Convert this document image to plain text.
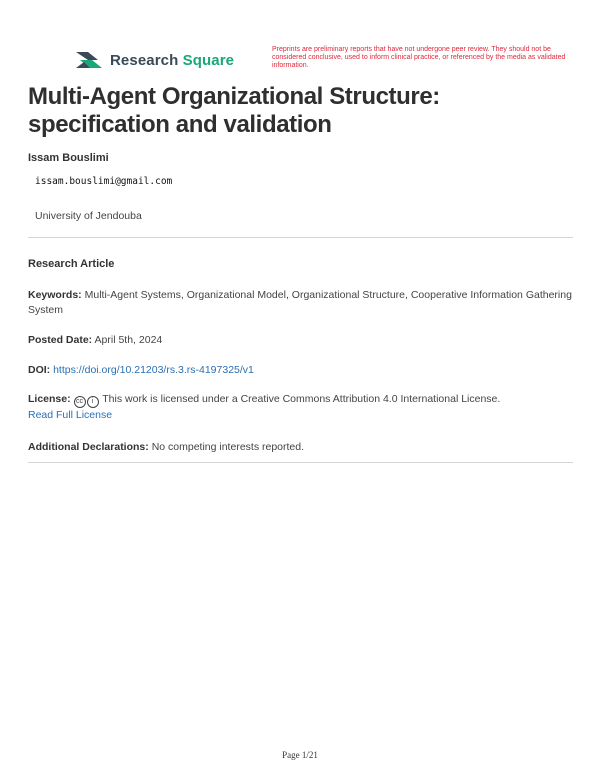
Research Square
Preprints are preliminary reports that have not undergone peer review. They should not be considered conclusive, used to inform clinical practice, or referenced by the media as validated information.
Multi-Agent Organizational Structure: specification and validation
Issam Bouslimi
issam.bouslimi@gmail.com
University of Jendouba
Research Article
Keywords: Multi-Agent Systems, Organizational Model, Organizational Structure, Cooperative Information Gathering System
Posted Date: April 5th, 2024
DOI: https://doi.org/10.21203/rs.3.rs-4197325/v1
License: cc i This work is licensed under a Creative Commons Attribution 4.0 International License.
Read Full License
Additional Declarations: No competing interests reported.
Page 1/21
